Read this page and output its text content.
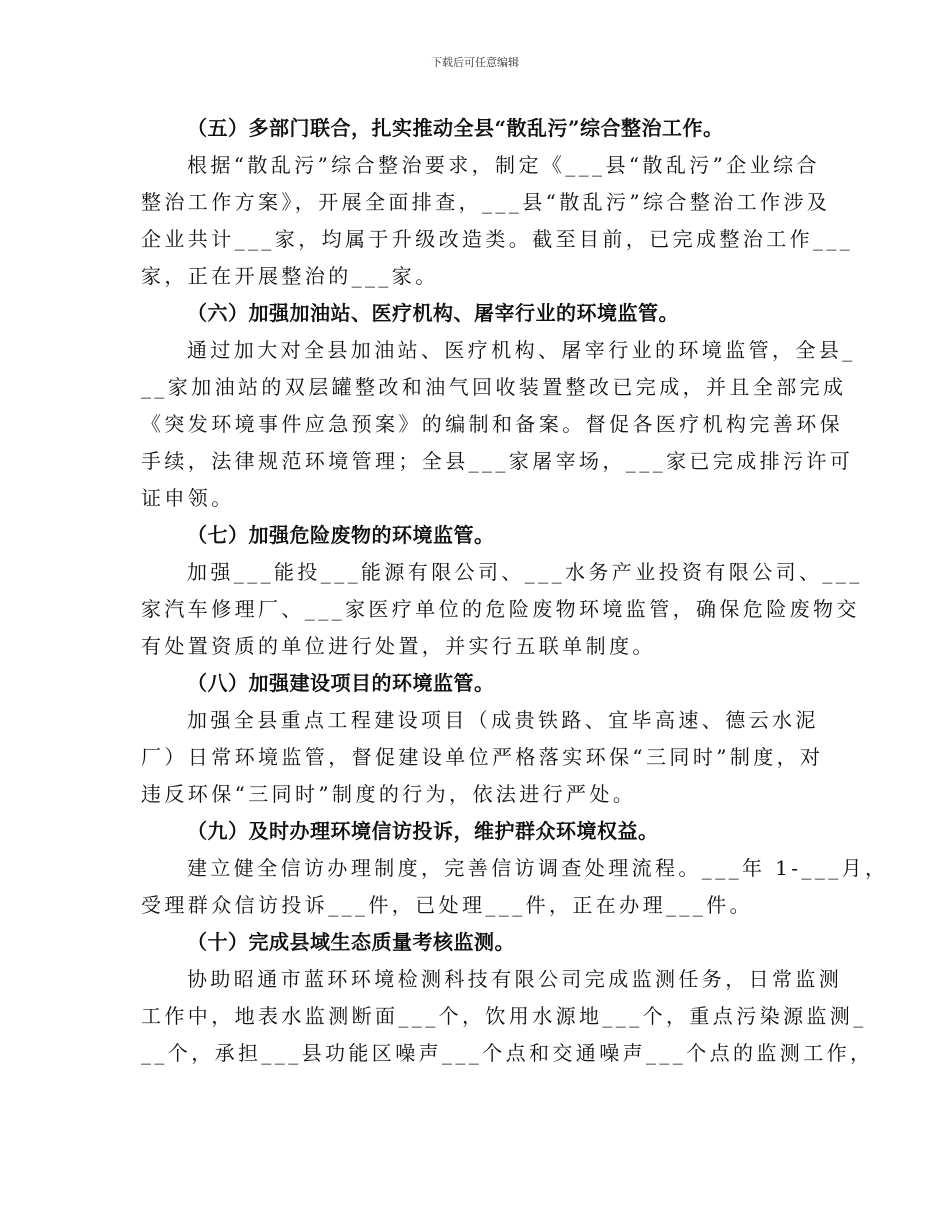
下载后可任意编辑

（五）多部门联合，扎实推动全县“散乱污”综合整治工作。

根据“散乱污”综合整治要求，制定《___县“散乱污”企业综合

整治工作方案》，开展全面排查，___县“散乱污”综合整治工作涉及

企业共计___家，均属于升级改造类。截至目前，已完成整治工作___

家，正在开展整治的___家。

（六）加强加油站、医疗机构、屠宰行业的环境监管。

通过加大对全县加油站、医疗机构、屠宰行业的环境监管，全县_

__家加油站的双层罐整改和油气回收装置整改已完成，并且全部完成

《突发环境事件应急预案》的编制和备案。督促各医疗机构完善环保

手续，法律规范环境管理；全县___家屠宰场，___家已完成排污许可

证申领。

（七）加强危险废物的环境监管。

加强___能投___能源有限公司、___水务产业投资有限公司、___

家汽车修理厂、___家医疗单位的危险废物环境监管，确保危险废物交

有处置资质的单位进行处置，并实行五联单制度。

（八）加强建设项目的环境监管。

加强全县重点工程建设项目（成贵铁路、宜毕高速、德云水泥

厂）日常环境监管，督促建设单位严格落实环保“三同时”制度，对

违反环保“三同时”制度的行为，依法进行严处。

（九）及时办理环境信访投诉，维护群众环境权益。

建立健全信访办理制度，完善信访调查处理流程。___年 1-___月，

受理群众信访投诉___件，已处理___件，正在办理___件。

（十）完成县域生态质量考核监测。

协助昭通市蓝环环境检测科技有限公司完成监测任务，日常监测

工作中，地表水监测断面___个，饮用水源地___个，重点污染源监测_

__个，承担___县功能区噪声___个点和交通噪声___个点的监测工作，
